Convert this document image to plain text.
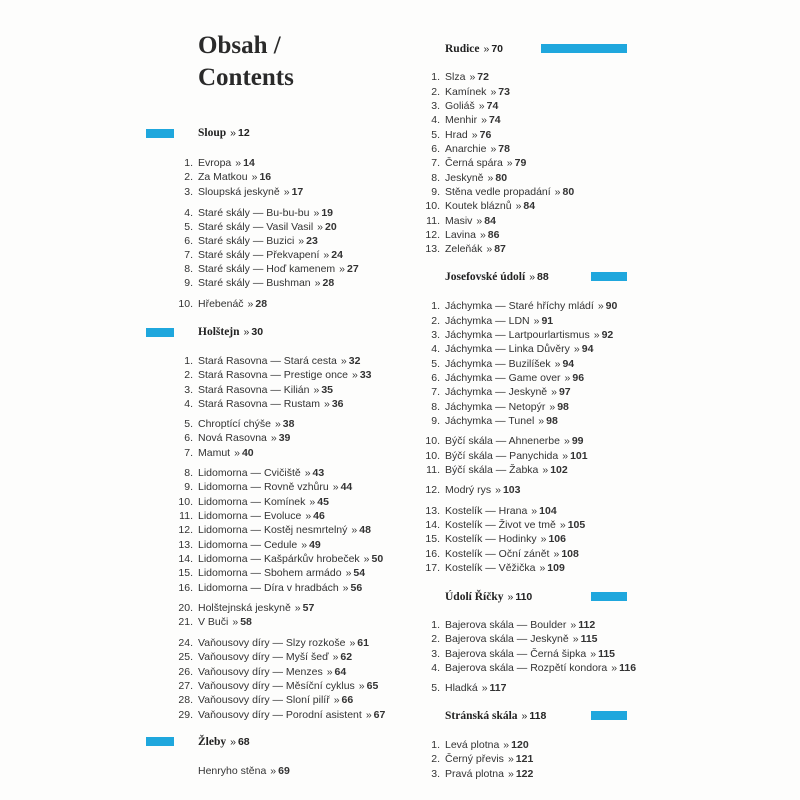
Obsah /
Contents
Sloup » 12
1. Evropa » 14
2. Za Matkou » 16
3. Sloupská jeskyně » 17
4. Staré skály — Bu-bu-bu » 19
5. Staré skály — Vasil Vasil » 20
6. Staré skály — Buzici » 23
7. Staré skály — Překvapení » 24
8. Staré skály — Hoď kamenem » 27
9. Staré skály — Bushman » 28
10. Hřebenáč » 28
Holštejn » 30
1. Stará Rasovna — Stará cesta » 32
2. Stará Rasovna — Prestige once » 33
3. Stará Rasovna — Kilián » 35
4. Stará Rasovna — Rustam » 36
5. Chroptící chýše » 38
6. Nová Rasovna » 39
7. Mamut » 40
8. Lidomorna — Cvičiště » 43
9. Lidomorna — Rovně vzhůru » 44
10. Lidomorna — Komínek » 45
11. Lidomorna — Evoluce » 46
12. Lidomorna — Kostěj nesmrtelný » 48
13. Lidomorna — Cedule » 49
14. Lidomorna — Kašpárkův hrobeček » 50
15. Lidomorna — Sbohem armádo » 54
16. Lidomorna — Díra v hradbách » 56
20. Holštejnská jeskyně » 57
21. V Buči » 58
24. Vaňousovy díry — Slzy rozkoše » 61
25. Vaňousovy díry — Myší šeď » 62
26. Vaňousovy díry — Menzes » 64
27. Vaňousovy díry — Měsíční cyklus » 65
28. Vaňousovy díry — Sloní pilíř » 66
29. Vaňousovy díry — Porodní asistent » 67
Žleby » 68
Henryho stěna » 69
Rudice » 70
1. Slza » 72
2. Kamínek » 73
3. Goliáš » 74
4. Menhir » 74
5. Hrad » 76
6. Anarchie » 78
7. Černá spára » 79
8. Jeskyně » 80
9. Stěna vedle propadání » 80
10. Koutek bláznů » 84
11. Masiv » 84
12. Lavina » 86
13. Zeleňák » 87
Josefovské údolí » 88
1. Jáchymka — Staré hříchy mládí » 90
2. Jáchymka — LDN » 91
3. Jáchymka — Lartpourlartismus » 92
4. Jáchymka — Linka Důvěry » 94
5. Jáchymka — Buzilíšek » 94
6. Jáchymka — Game over » 96
7. Jáchymka — Jeskyně » 97
8. Jáchymka — Netopýr » 98
9. Jáchymka — Tunel » 98
10. Býčí skála — Ahnenerbe » 99
10. Býčí skála — Panychida » 101
11. Býčí skála — Žabka » 102
12. Modrý rys » 103
13. Kostelík — Hrana » 104
14. Kostelík — Život ve tmě » 105
15. Kostelík — Hodinky » 106
16. Kostelík — Oční zánět » 108
17. Kostelík — Věžička » 109
Údolí Říčky » 110
1. Bajerova skála — Boulder » 112
2. Bajerova skála — Jeskyně » 115
3. Bajerova skála — Černá šipka » 115
4. Bajerova skála — Rozpětí kondora » 116
5. Hladká » 117
Stránská skála » 118
1. Levá plotna » 120
2. Černý převis » 121
3. Pravá plotna » 122
